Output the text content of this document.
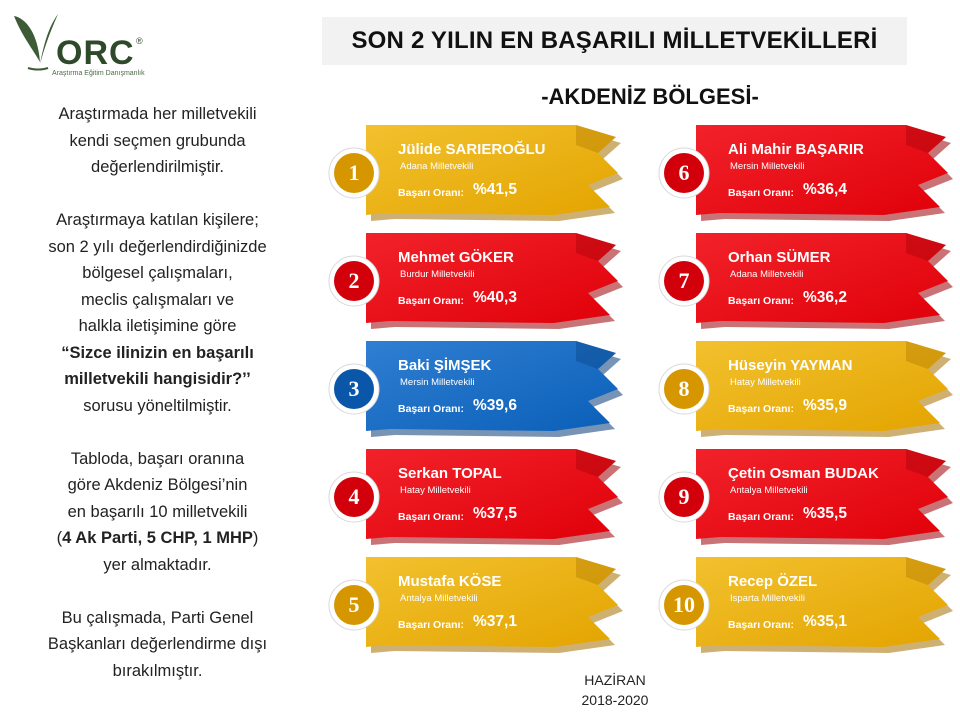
ORC ®
Araştırma Eğitim Danışmanlık
SON 2 YILIN EN BAŞARILI MİLLETVEKİLLERİ
-AKDENİZ BÖLGESİ-

Araştırmada her milletvekili

kendi seçmen grubunda

değerlendirilmiştir.

Araştırmaya katılan kişilere;

son 2 yılı değerlendirdiğinizde

bölgesel çalışmaları,

meclis çalışmaları ve

halkla iletişimine göre

“Sizce ilinizin en başarılı

milletvekili hangisidir?’’

sorusu yöneltilmiştir.

Tabloda, başarı oranına

göre Akdeniz Bölgesi’nin

en başarılı 10 milletvekili

(4 Ak Parti, 5 CHP, 1 MHP)

yer almaktadır.

Bu çalışmada, Parti Genel

Başkanları değerlendirme dışı

bırakılmıştır.

1
Jülide SARIEROĞLU
Adana Milletvekili
Başarı Oranı: %41,5
2
Mehmet GÖKER
Burdur Milletvekili
Başarı Oranı: %40,3
3
Baki ŞİMŞEK
Mersin Milletvekili
Başarı Oranı: %39,6
4
Serkan TOPAL
Hatay Milletvekili
Başarı Oranı: %37,5
5
Mustafa KÖSE
Antalya Milletvekili
Başarı Oranı: %37,1
6
Ali Mahir BAŞARIR
Mersin Milletvekili
Başarı Oranı: %36,4
7
Orhan SÜMER
Adana Milletvekili
Başarı Oranı: %36,2
8
Hüseyin YAYMAN
Hatay Milletvekili
Başarı Oranı: %35,9
9
Çetin Osman BUDAK
Antalya Milletvekili
Başarı Oranı: %35,5
10
Recep ÖZEL
Isparta Milletvekili
Başarı Oranı: %35,1
HAZİRAN
2018-2020
